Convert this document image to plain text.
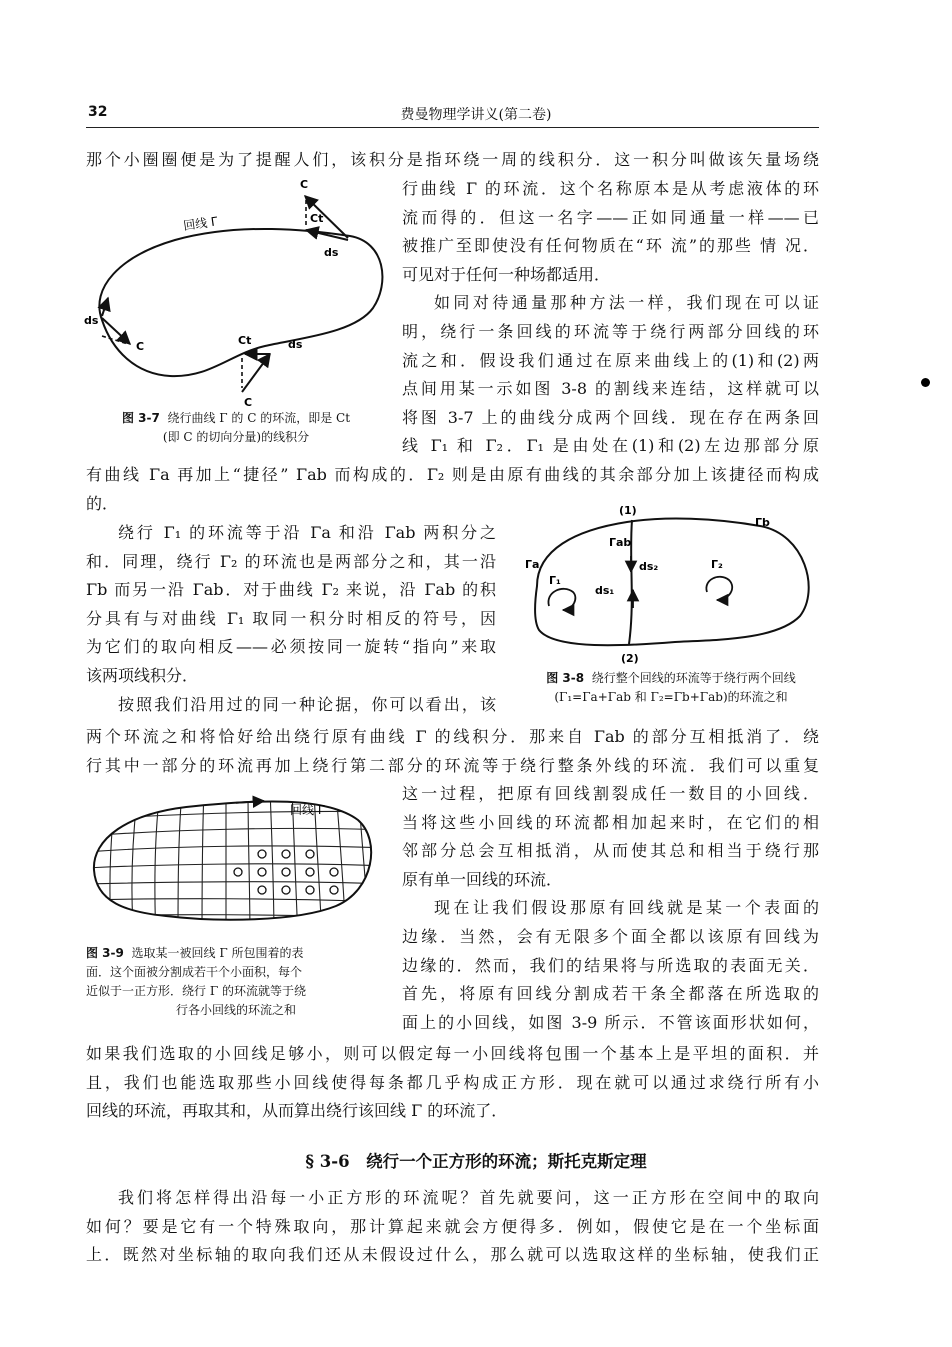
32	费曼物理学讲义(第二卷)
那个小圈圈便是为了提醒人们，该积分是指环绕一周的线积分．这一积分叫做该矢量场绕
行曲线 Γ 的环流．这个名称原本是从考虑液体的环
流而得的．但这一名字——正如同通量一样——已
被推广至即使没有任何物质在“环 流”的那些 情 况．
可见对于任何一种场都适用．
如同对待通量那种方法一样，我们现在可以证
明，绕行一条回线的环流等于绕行两部分回线的环
流之和．假设我们通过在原来曲线上的(1)和(2)两
点间用某一示如图 3-8 的割线来连结，这样就可以
将图 3-7 上的曲线分成两个回线．现在存在两条回
线 Γ₁ 和 Γ₂．Γ₁ 是由处在(1)和(2)左边那部分原
有曲线 Γa 再加上“捷径” Γab 而构成的．Γ₂ 则是由原有曲线的其余部分加上该捷径而构成
的．
绕行 Γ₁ 的环流等于沿 Γa 和沿 Γab 两积分之
和．同理，绕行 Γ₂ 的环流也是两部分之和，其一沿
Γb 而另一沿 Γab．对于曲线 Γ₂ 来说，沿 Γab 的积
分具有与对曲线 Γ₁ 取同一积分时相反的符号，因
为它们的取向相反——必须按同一旋转“指向”来取
该两项线积分．
按照我们沿用过的同一种论据，你可以看出，该
两个环流之和将恰好给出绕行原有曲线 Γ 的线积分．那来自 Γab 的部分互相抵消了．绕
行其中一部分的环流再加上绕行第二部分的环流等于绕行整条外线的环流．我们可以重复
这一过程，把原有回线割裂成任一数目的小回线．
当将这些小回线的环流都相加起来时，在它们的相
邻部分总会互相抵消，从而使其总和相当于绕行那
原有单一回线的环流．
现在让我们假设那原有回线就是某一个表面的
边缘．当然，会有无限多个面全都以该原有回线为
边缘的．然而，我们的结果将与所选取的表面无关．
首先，将原有回线分割成若干条全都落在所选取的
面上的小回线，如图 3-9 所示．不管该面形状如何，
如果我们选取的小回线足够小，则可以假定每一小回线将包围一个基本上是平坦的面积．并
且，我们也能选取那些小回线使得每条都几乎构成正方形．现在就可以通过求绕行所有小
回线的环流，再取其和，从而算出绕行该回线 Γ 的环流了．
§ 3-6　绕行一个正方形的环流；斯托克斯定理
我们将怎样得出沿每一小正方形的环流呢？首先就要问，这一正方形在空间中的取向
如何？要是它有一个特殊取向，那计算起来就会方便得多．例如，假使它是在一个坐标面
上．既然对坐标轴的取向我们还从未假设过什么，那么就可以选取这样的坐标轴，使我们正
回线 Γ
C
Ct
ds
ds
C	Ct	ds
C
图 3-7 绕行曲线 Γ 的 C 的环流，即是 Ct
(即 C 的切向分量)的线积分
(1)
(2)
Γb
Γa
Γab
ds₂
ds₁
Γ₁
Γ₂
图 3-8 绕行整个回线的环流等于绕行两个回线
(Γ₁=Γa+Γab 和 Γ₂=Γb+Γab)的环流之和
回线 Γ
图 3-9 选取某一被回线 Γ 所包围着的表
面．这个面被分割成若干个小面积，每个
近似于一正方形．绕行 Γ 的环流就等于绕
行各小回线的环流之和
